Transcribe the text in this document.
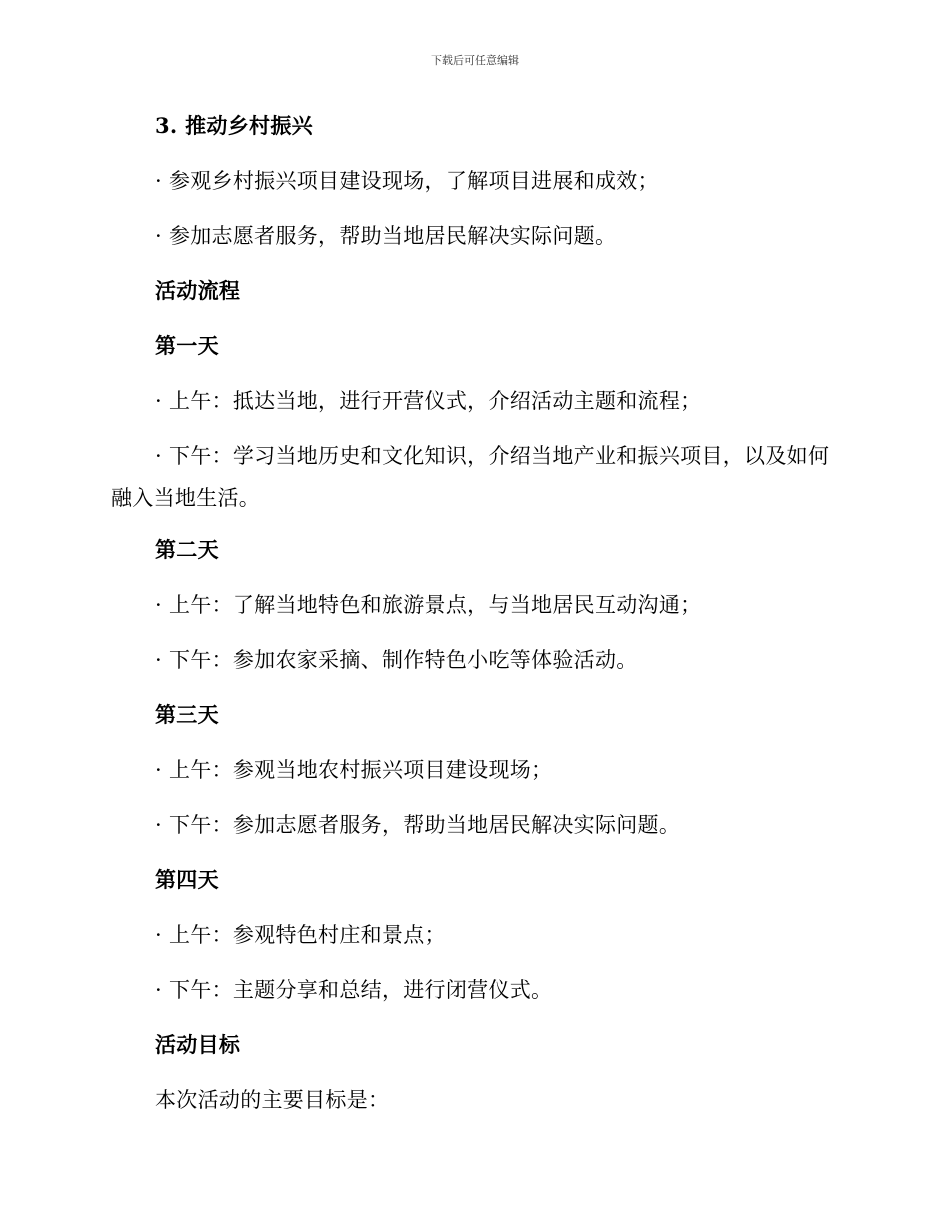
下载后可任意编辑

3. 推动乡村振兴

· 参观乡村振兴项目建设现场，了解项目进展和成效；

· 参加志愿者服务，帮助当地居民解决实际问题。

活动流程

第一天

· 上午：抵达当地，进行开营仪式，介绍活动主题和流程；

· 下午：学习当地历史和文化知识，介绍当地产业和振兴项目，以及如何融入当地生活。

第二天

· 上午：了解当地特色和旅游景点，与当地居民互动沟通；

· 下午：参加农家采摘、制作特色小吃等体验活动。

第三天

· 上午：参观当地农村振兴项目建设现场；

· 下午：参加志愿者服务，帮助当地居民解决实际问题。

第四天

· 上午：参观特色村庄和景点；

· 下午：主题分享和总结，进行闭营仪式。

活动目标

本次活动的主要目标是：
